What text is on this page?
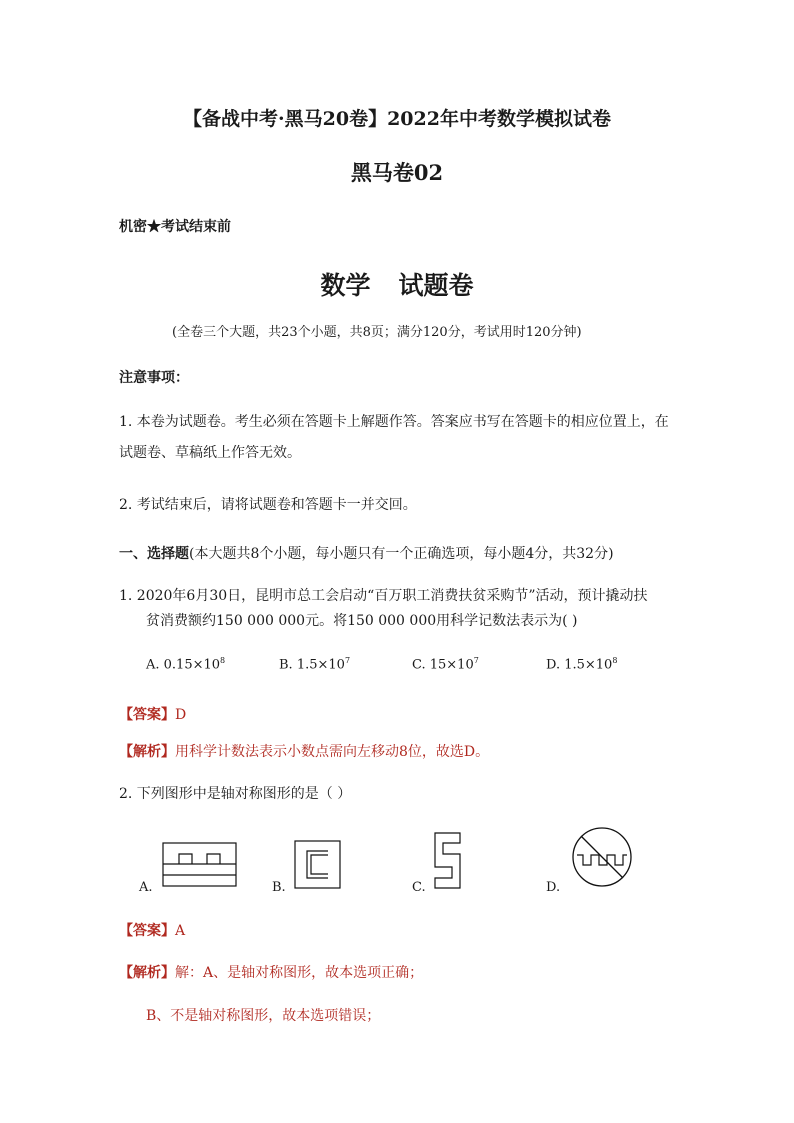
【备战中考·黑马20卷】2022年中考数学模拟试卷
黑马卷02
机密★考试结束前
数学 试题卷
(全卷三个大题，共23个小题，共8页；满分120分，考试用时120分钟)
注意事项：
1. 本卷为试题卷。考生必须在答题卡上解题作答。答案应书写在答题卡的相应位置上，在
试题卷、草稿纸上作答无效。
2. 考试结束后，请将试题卷和答题卡一并交回。
一、选择题(本大题共8个小题，每小题只有一个正确选项，每小题4分，共32分)
1. 2020年6月30日，昆明市总工会启动“百万职工消费扶贫采购节”活动，预计撬动扶
贫消费额约150 000 000元。将150 000 000用科学记数法表示为( )
A. $0.15\times 10^8$	B. $1.5\times 10^7$	C. $15\times 10^7$	D. $1.5\times 10^8$
【答案】D
【解析】用科学计数法表示小数点需向左移动8位，故选D。
2. 下列图形中是轴对称图形的是（ ）
A.	B.	C.	D.
【答案】A
【解析】解：A、是轴对称图形，故本选项正确；
B、不是轴对称图形，故本选项错误；
